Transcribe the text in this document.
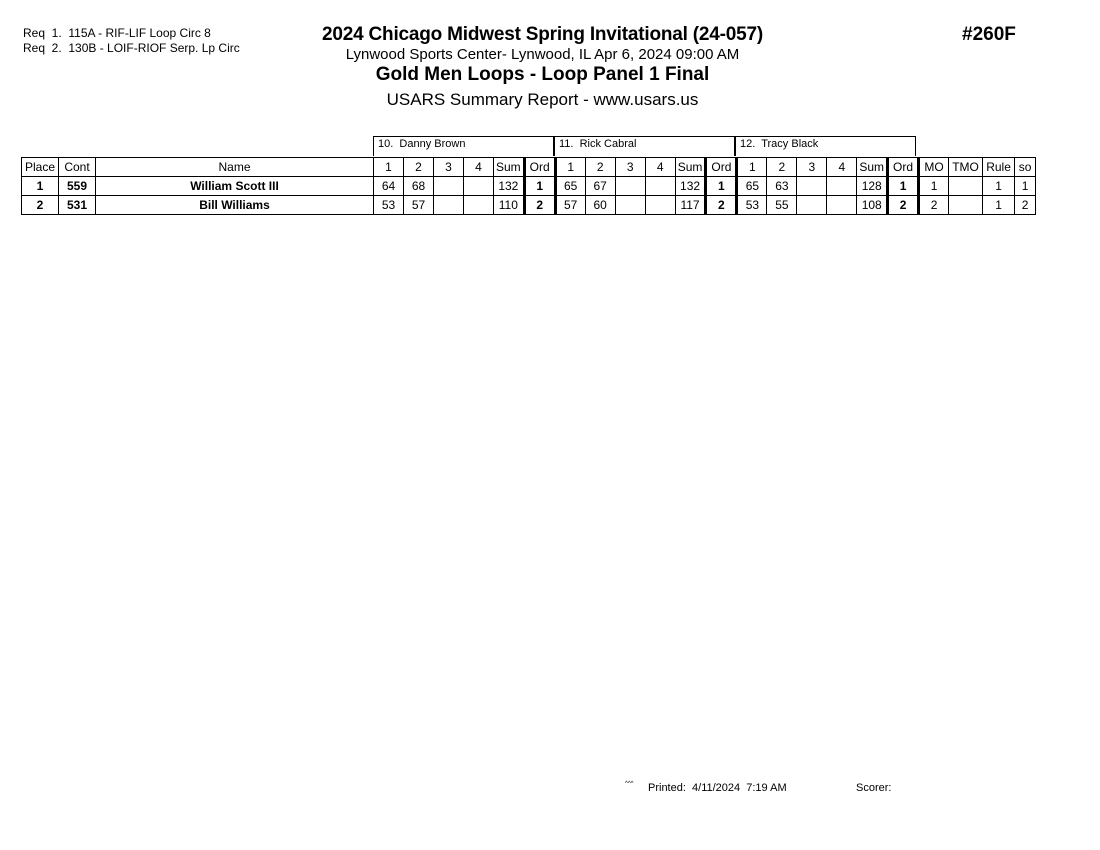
Req  1.  115A - RIF-LIF Loop Circ 8
Req  2.  130B - LOIF-RIOF Serp. Lp Circ
2024 Chicago Midwest Spring Invitational (24-057)
Lynwood Sports Center- Lynwood, IL Apr 6, 2024 09:00 AM
Gold Men Loops - Loop Panel 1 Final
USARS Summary Report - www.usars.us
#260F
10.  Danny Brown	11.  Rick Cabral	12.  Tracy Black
Place	Cont	Name	1	2	3	4	Sum	Ord	1	2	3	4	Sum	Ord	1	2	3	4	Sum	Ord	MO	TMO	Rule	so
1	559	William Scott III	64	68			132	1	65	67			132	1	65	63			128	1	1		1	1
2	531	Bill Williams	53	57			110	2	57	60			117	2	53	55			108	2	2		1	2
^^^ Printed:  4/11/2024  7:19 AM	Scorer:
